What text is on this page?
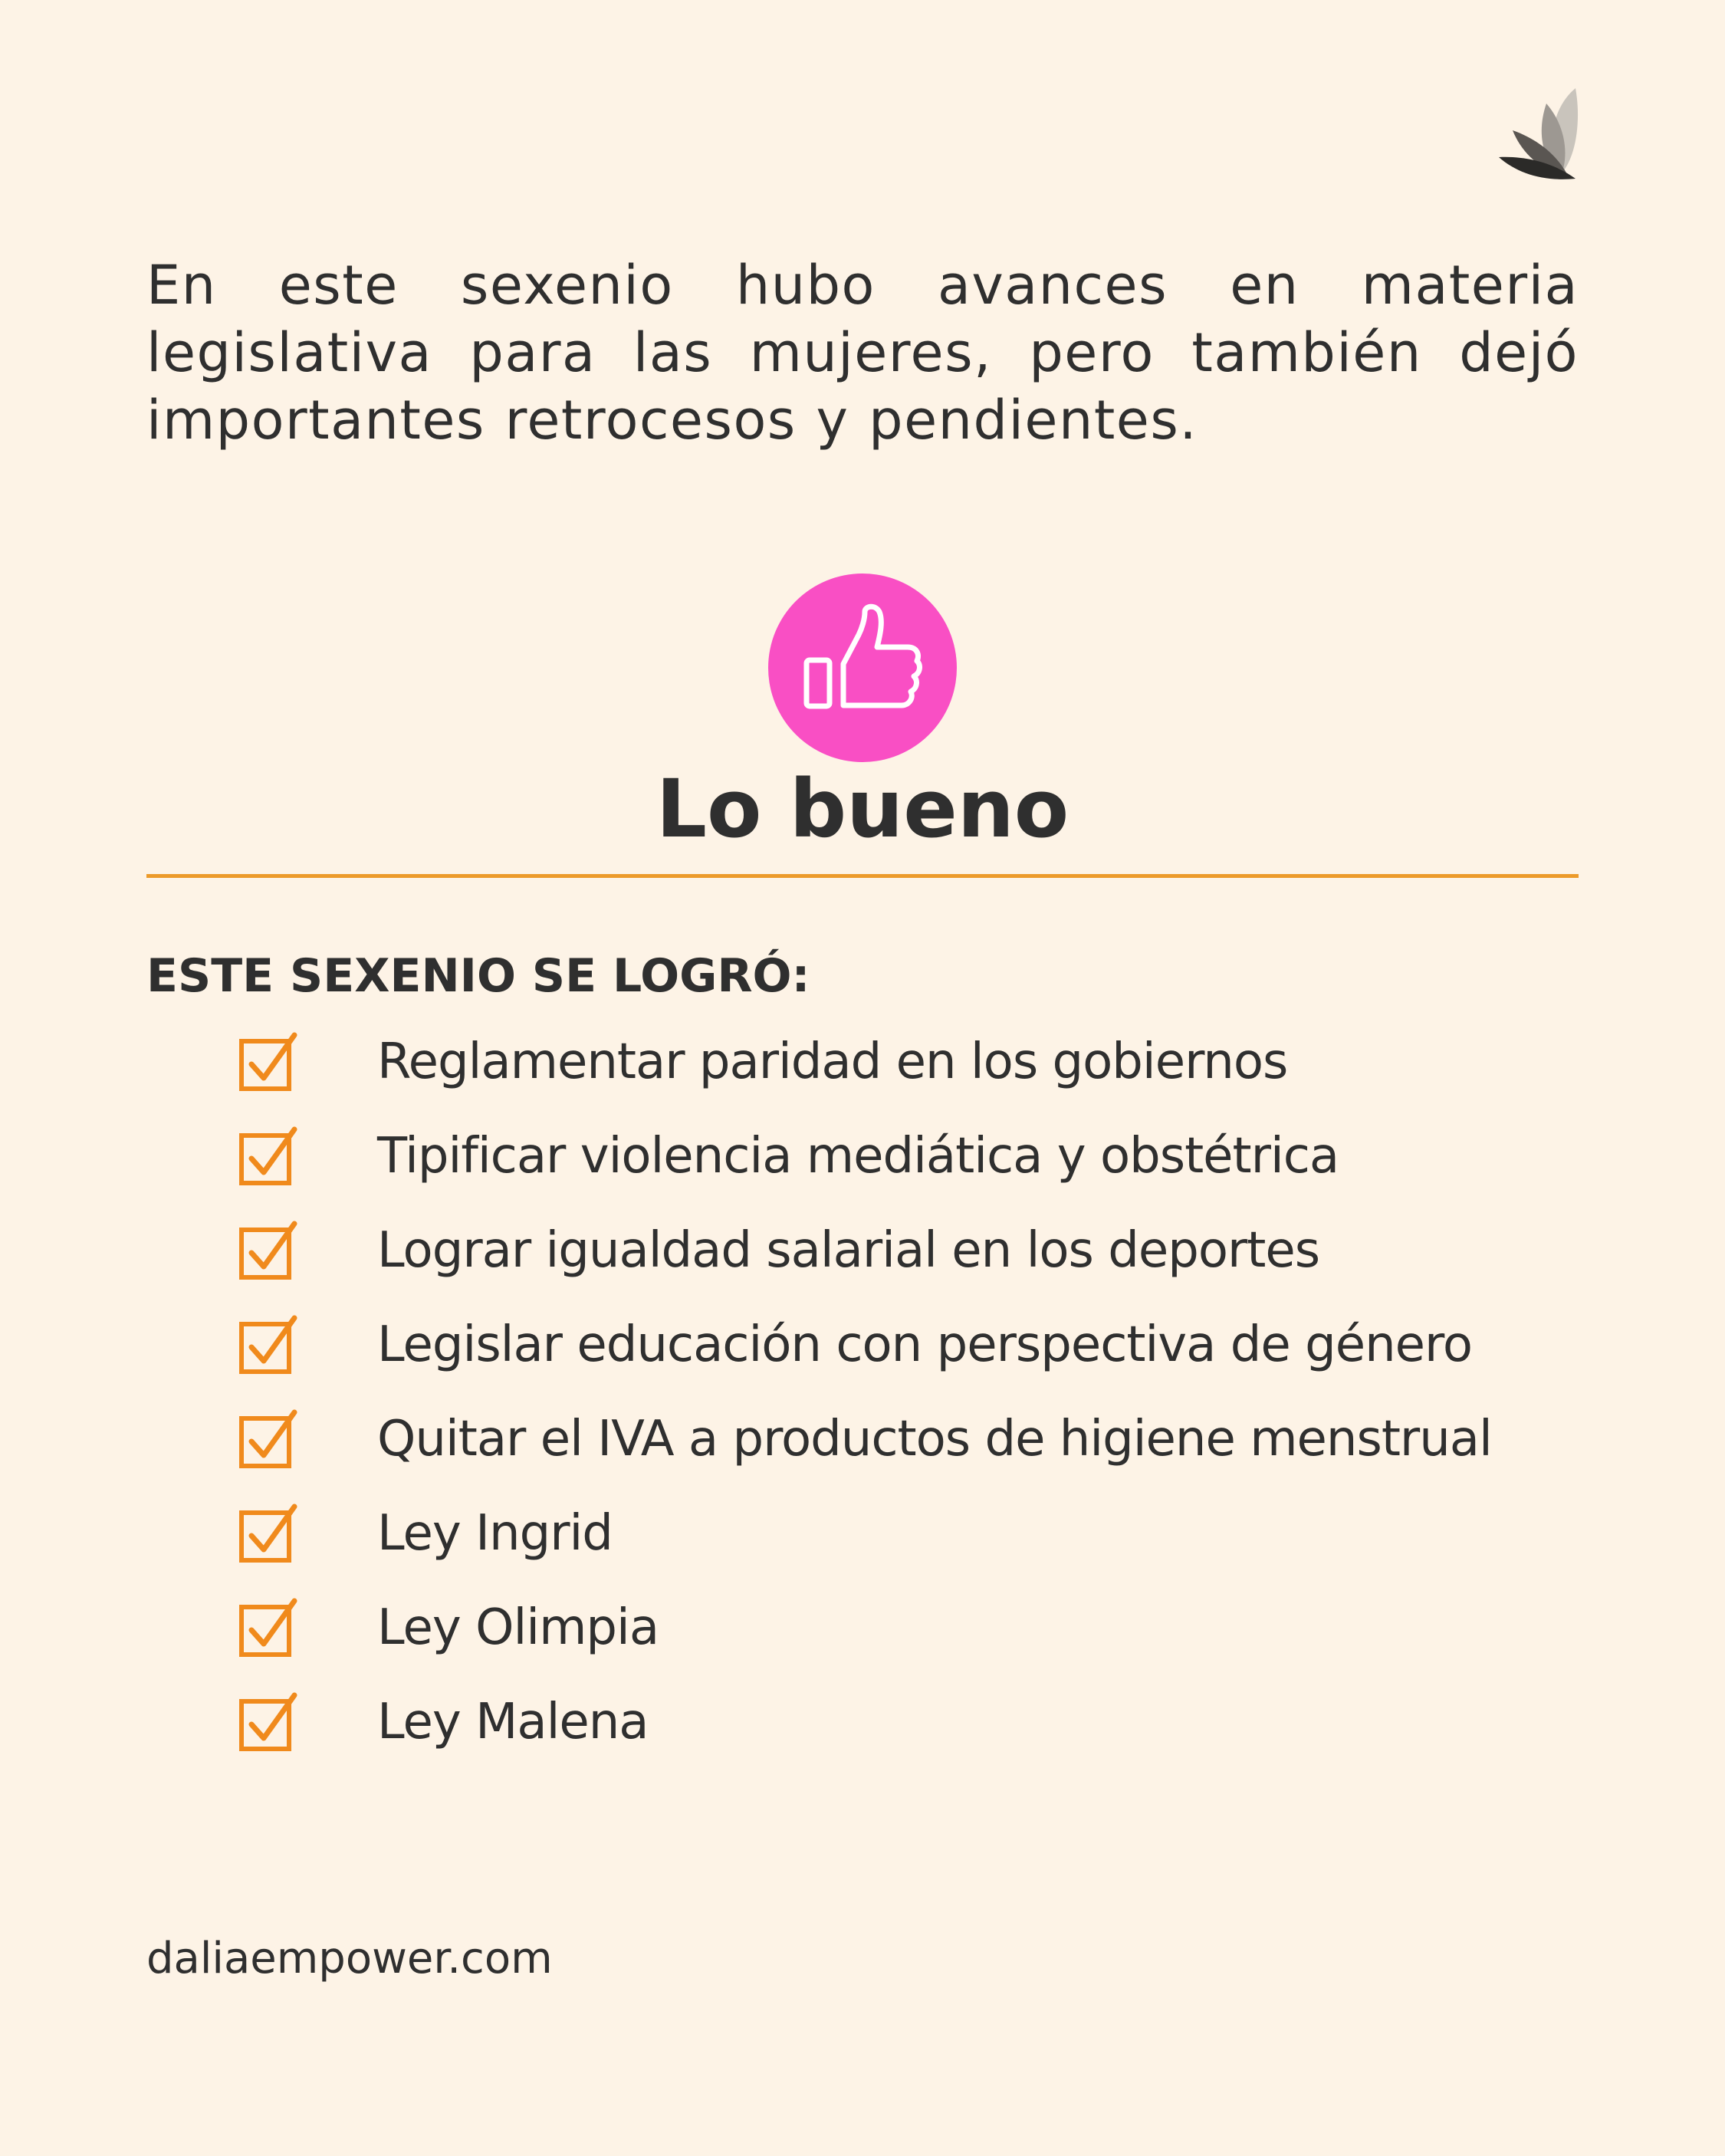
En este sexenio hubo avances en materia legislativa para las mujeres, pero también dejó importantes retrocesos y pendientes.

Lo bueno
ESTE SEXENIO SE LOGRÓ:
Reglamentar paridad en los gobiernos
Tipificar violencia mediática y obstétrica
Lograr igualdad salarial en los deportes
Legislar educación con perspectiva de género
Quitar el IVA a productos de higiene menstrual
Ley Ingrid
Ley Olimpia
Ley Malena

daliaempower.com
